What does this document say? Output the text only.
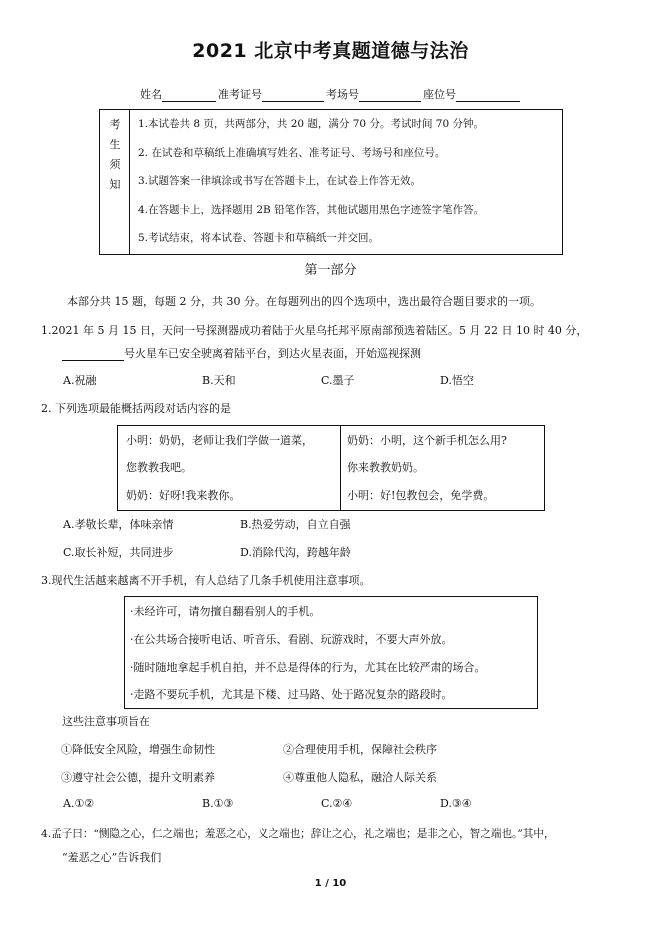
2021 北京中考真题道德与法治
姓名	准考证号	考场号	座位号
考
生
须
知
1.本试卷共 8 页，共两部分，共 20 题，满分 70 分。考试时间 70 分钟。
2. 在试卷和草稿纸上准确填写姓名、准考证号、考场号和座位号。
3.试题答案一律填涂或书写在答题卡上，在试卷上作答无效。
4.在答题卡上，选择题用 2B 铅笔作答，其他试题用黑色字迹签字笔作答。
5.考试结束，将本试卷、答题卡和草稿纸一并交回。
第一部分
本部分共 15 题，每题 2 分，共 30 分。在每题列出的四个选项中，选出最符合题目要求的一项。
1.2021 年 5 月 15 日，天问一号探测器成功着陆于火星乌托邦平原南部预选着陆区。5 月 22 日 10 时 40 分，
号火星车已安全驶离着陆平台，到达火星表面，开始巡视探测
A.祝融	B.天和	C.墨子	D.悟空
2. 下列选项最能概括两段对话内容的是
小明：奶奶，老师让我们学做一道菜，
您教教我吧。
奶奶：好呀!我来教你。
奶奶：小明，这个新手机怎么用?
你来教教奶奶。
小明：好!包教包会，免学费。
A.孝敬长辈，体味亲情	B.热爱劳动，自立自强
C.取长补短，共同进步	D.消除代沟，跨越年龄
3.现代生活越来越离不开手机，有人总结了几条手机使用注意事项。
·未经许可，请勿擅自翻看别人的手机。
·在公共场合接听电话、听音乐、看剧、玩游戏时，不要大声外放。
·随时随地拿起手机自拍，并不总是得体的行为，尤其在比较严肃的场合。
·走路不要玩手机，尤其是下楼、过马路、处于路况复杂的路段时。
这些注意事项旨在
①降低安全风险，增强生命韧性	②合理使用手机，保障社会秩序
③遵守社会公德，提升文明素养	④尊重他人隐私，融洽人际关系
A.①②	B.①③	C.②④	D.③④
4.孟子曰：“恻隐之心，仁之端也；羞恶之心，义之端也；辞让之心，礼之端也；是非之心，智之端也。”其中，
“羞恶之心”告诉我们
1 / 10
